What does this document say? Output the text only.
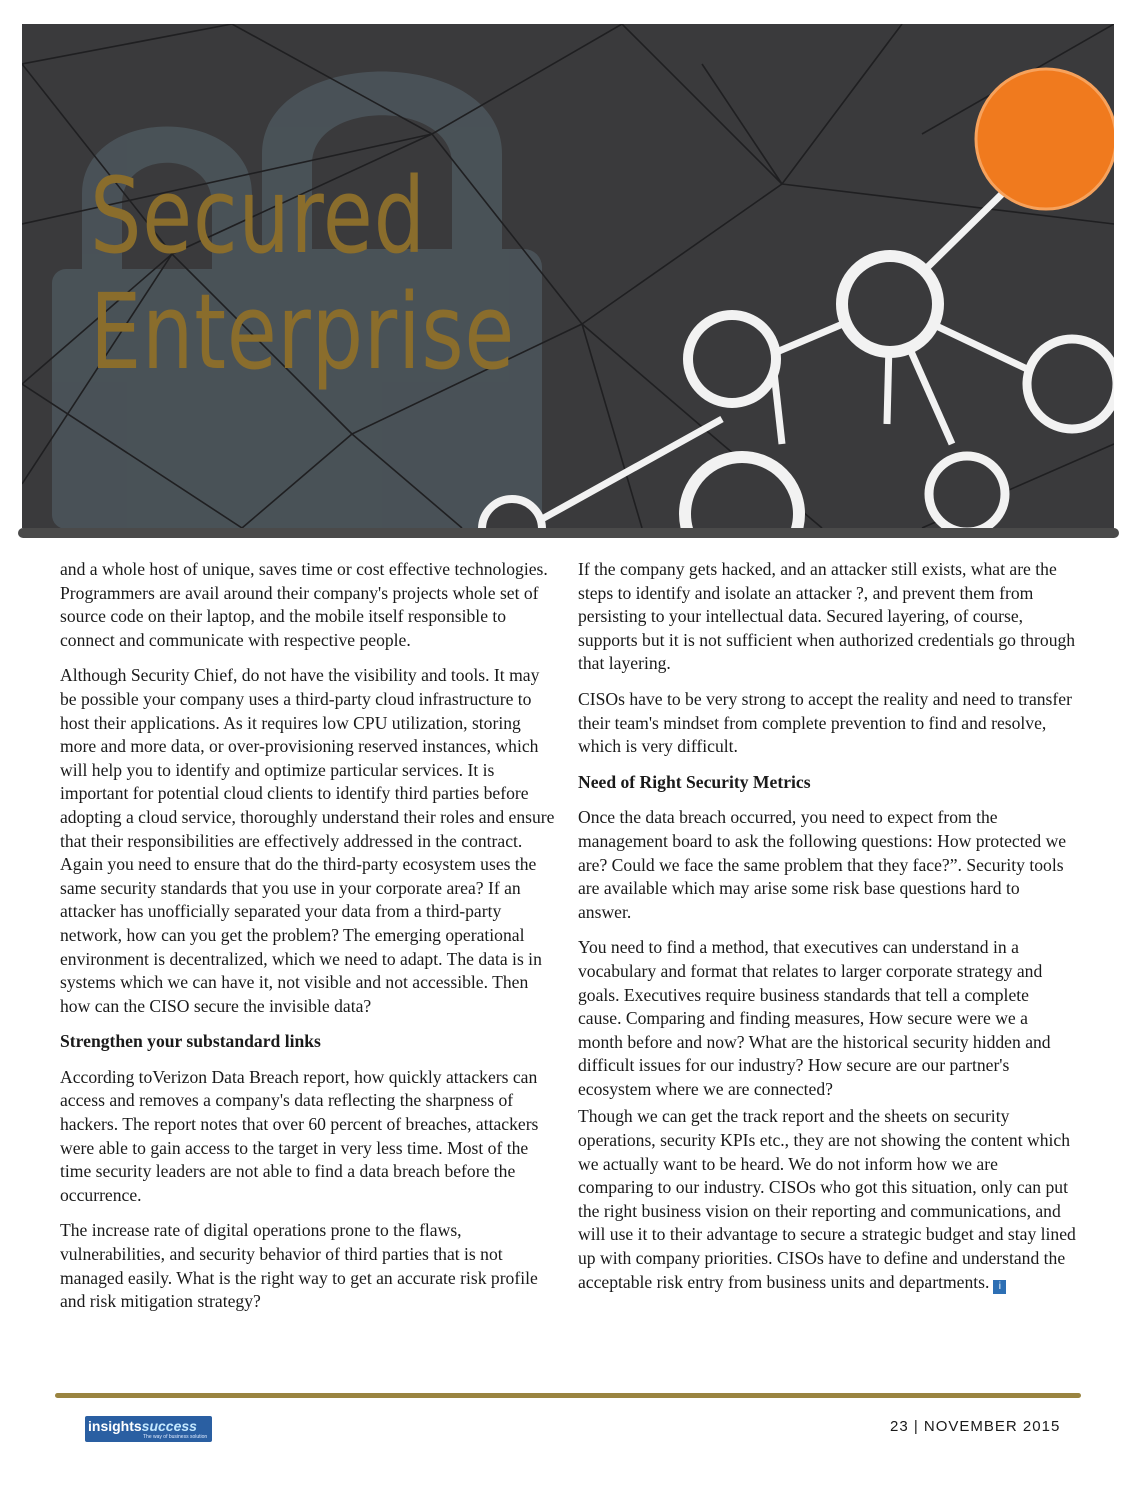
Secured
Enterprise

and a whole host of unique, saves time or cost effective technologies. Programmers are avail around their company's projects whole set of source code on their laptop, and the mobile itself responsible to connect and communicate with respective people.

Although Security Chief, do not have the visibility and tools. It may be possible your company uses a third-party cloud infrastructure to host their applications. As it requires low CPU utilization, storing more and more data, or over-provisioning reserved instances, which will help you to identify and optimize particular services. It is important for potential cloud clients to identify third parties before adopting a cloud service, thoroughly understand their roles and ensure that their responsibilities are effectively addressed in the contract. Again you need to ensure that do the third-party ecosystem uses the same security standards that you use in your corporate area? If an attacker has unofficially separated your data from a third-party network, how can you get the problem? The emerging operational environment is decentralized, which we need to adapt. The data is in systems which we can have it, not visible and not accessible. Then how can the CISO secure the invisible data?

Strengthen your substandard links

According toVerizon Data Breach report, how quickly attackers can access and removes a company's data reflecting the sharpness of hackers. The report notes that over 60 percent of breaches, attackers were able to gain access to the target in very less time. Most of the time security leaders are not able to find a data breach before the occurrence.

The increase rate of digital operations prone to the flaws, vulnerabilities, and security behavior of third parties that is not managed easily. What is the right way to get an accurate risk profile and risk mitigation strategy?

If the company gets hacked, and an attacker still exists, what are the steps to identify and isolate an attacker ?, and prevent them from persisting to your intellectual data. Secured layering, of course, supports but it is not sufficient when authorized credentials go through that layering.

CISOs have to be very strong to accept the reality and need to transfer their team's mindset from complete prevention to find and resolve, which is very difficult.

Need of Right Security Metrics

Once the data breach occurred, you need to expect from the management board to ask the following questions: How protected we are? Could we face the same problem that they face?”. Security tools are available which may arise some risk base questions hard to answer.

You need to find a method, that executives can understand in a vocabulary and format that relates to larger corporate strategy and goals. Executives require business standards that tell a complete cause. Comparing and finding measures, How secure were we a month before and now? What are the historical security hidden and difficult issues for our industry? How secure are our partner's ecosystem where we are connected?

Though we can get the track report and the sheets on security operations, security KPIs etc., they are not showing the content which we actually want to be heard. We do not inform how we are comparing to our industry. CISOs who got this situation, only can put the right business vision on their reporting and communications, and will use it to their advantage to secure a strategic budget and stay lined up with company priorities. CISOs have to define and understand the acceptable risk entry from business units and departments. i

insightssuccess
The way of business solution
23 | NOVEMBER 2015
